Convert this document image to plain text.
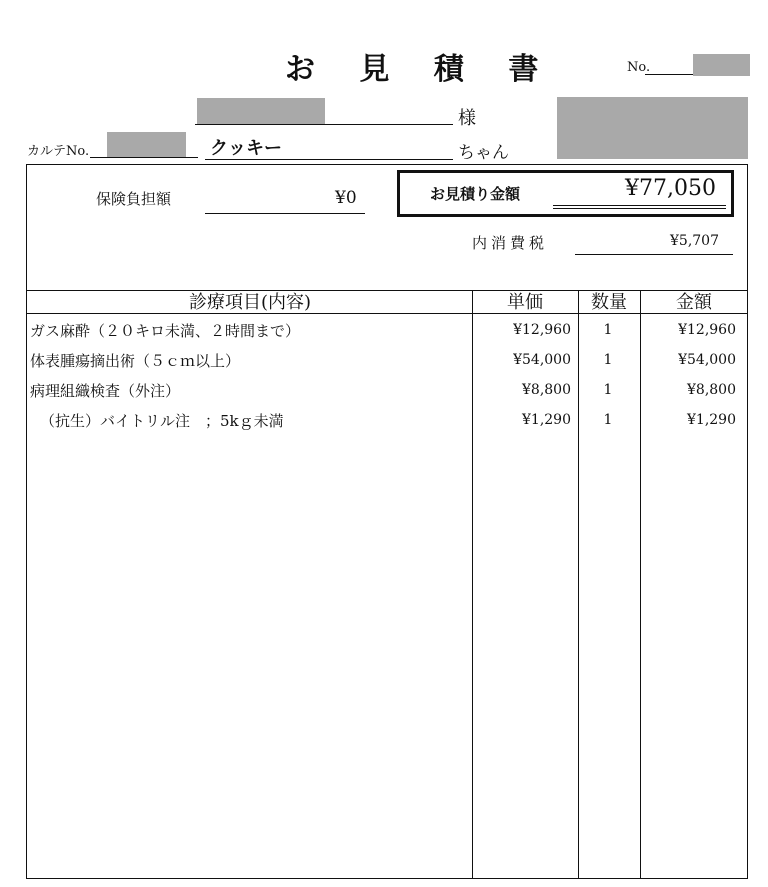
お 見 積 書	No.
様
カルテNo.	クッキー	ちゃん
保険負担額	¥0	お見積り金額	¥77,050
内消費税	¥5,707
診療項目(内容)	単価	数量	金額
ガス麻酔（２０キロ未満、２時間まで）	¥12,960	1	¥12,960
体表腫瘍摘出術（５ｃｍ以上）	¥54,000	1	¥54,000
病理組織検査（外注）	¥8,800	1	¥8,800
（抗生）バイトリル注　；5kｇ未満	¥1,290	1	¥1,290
